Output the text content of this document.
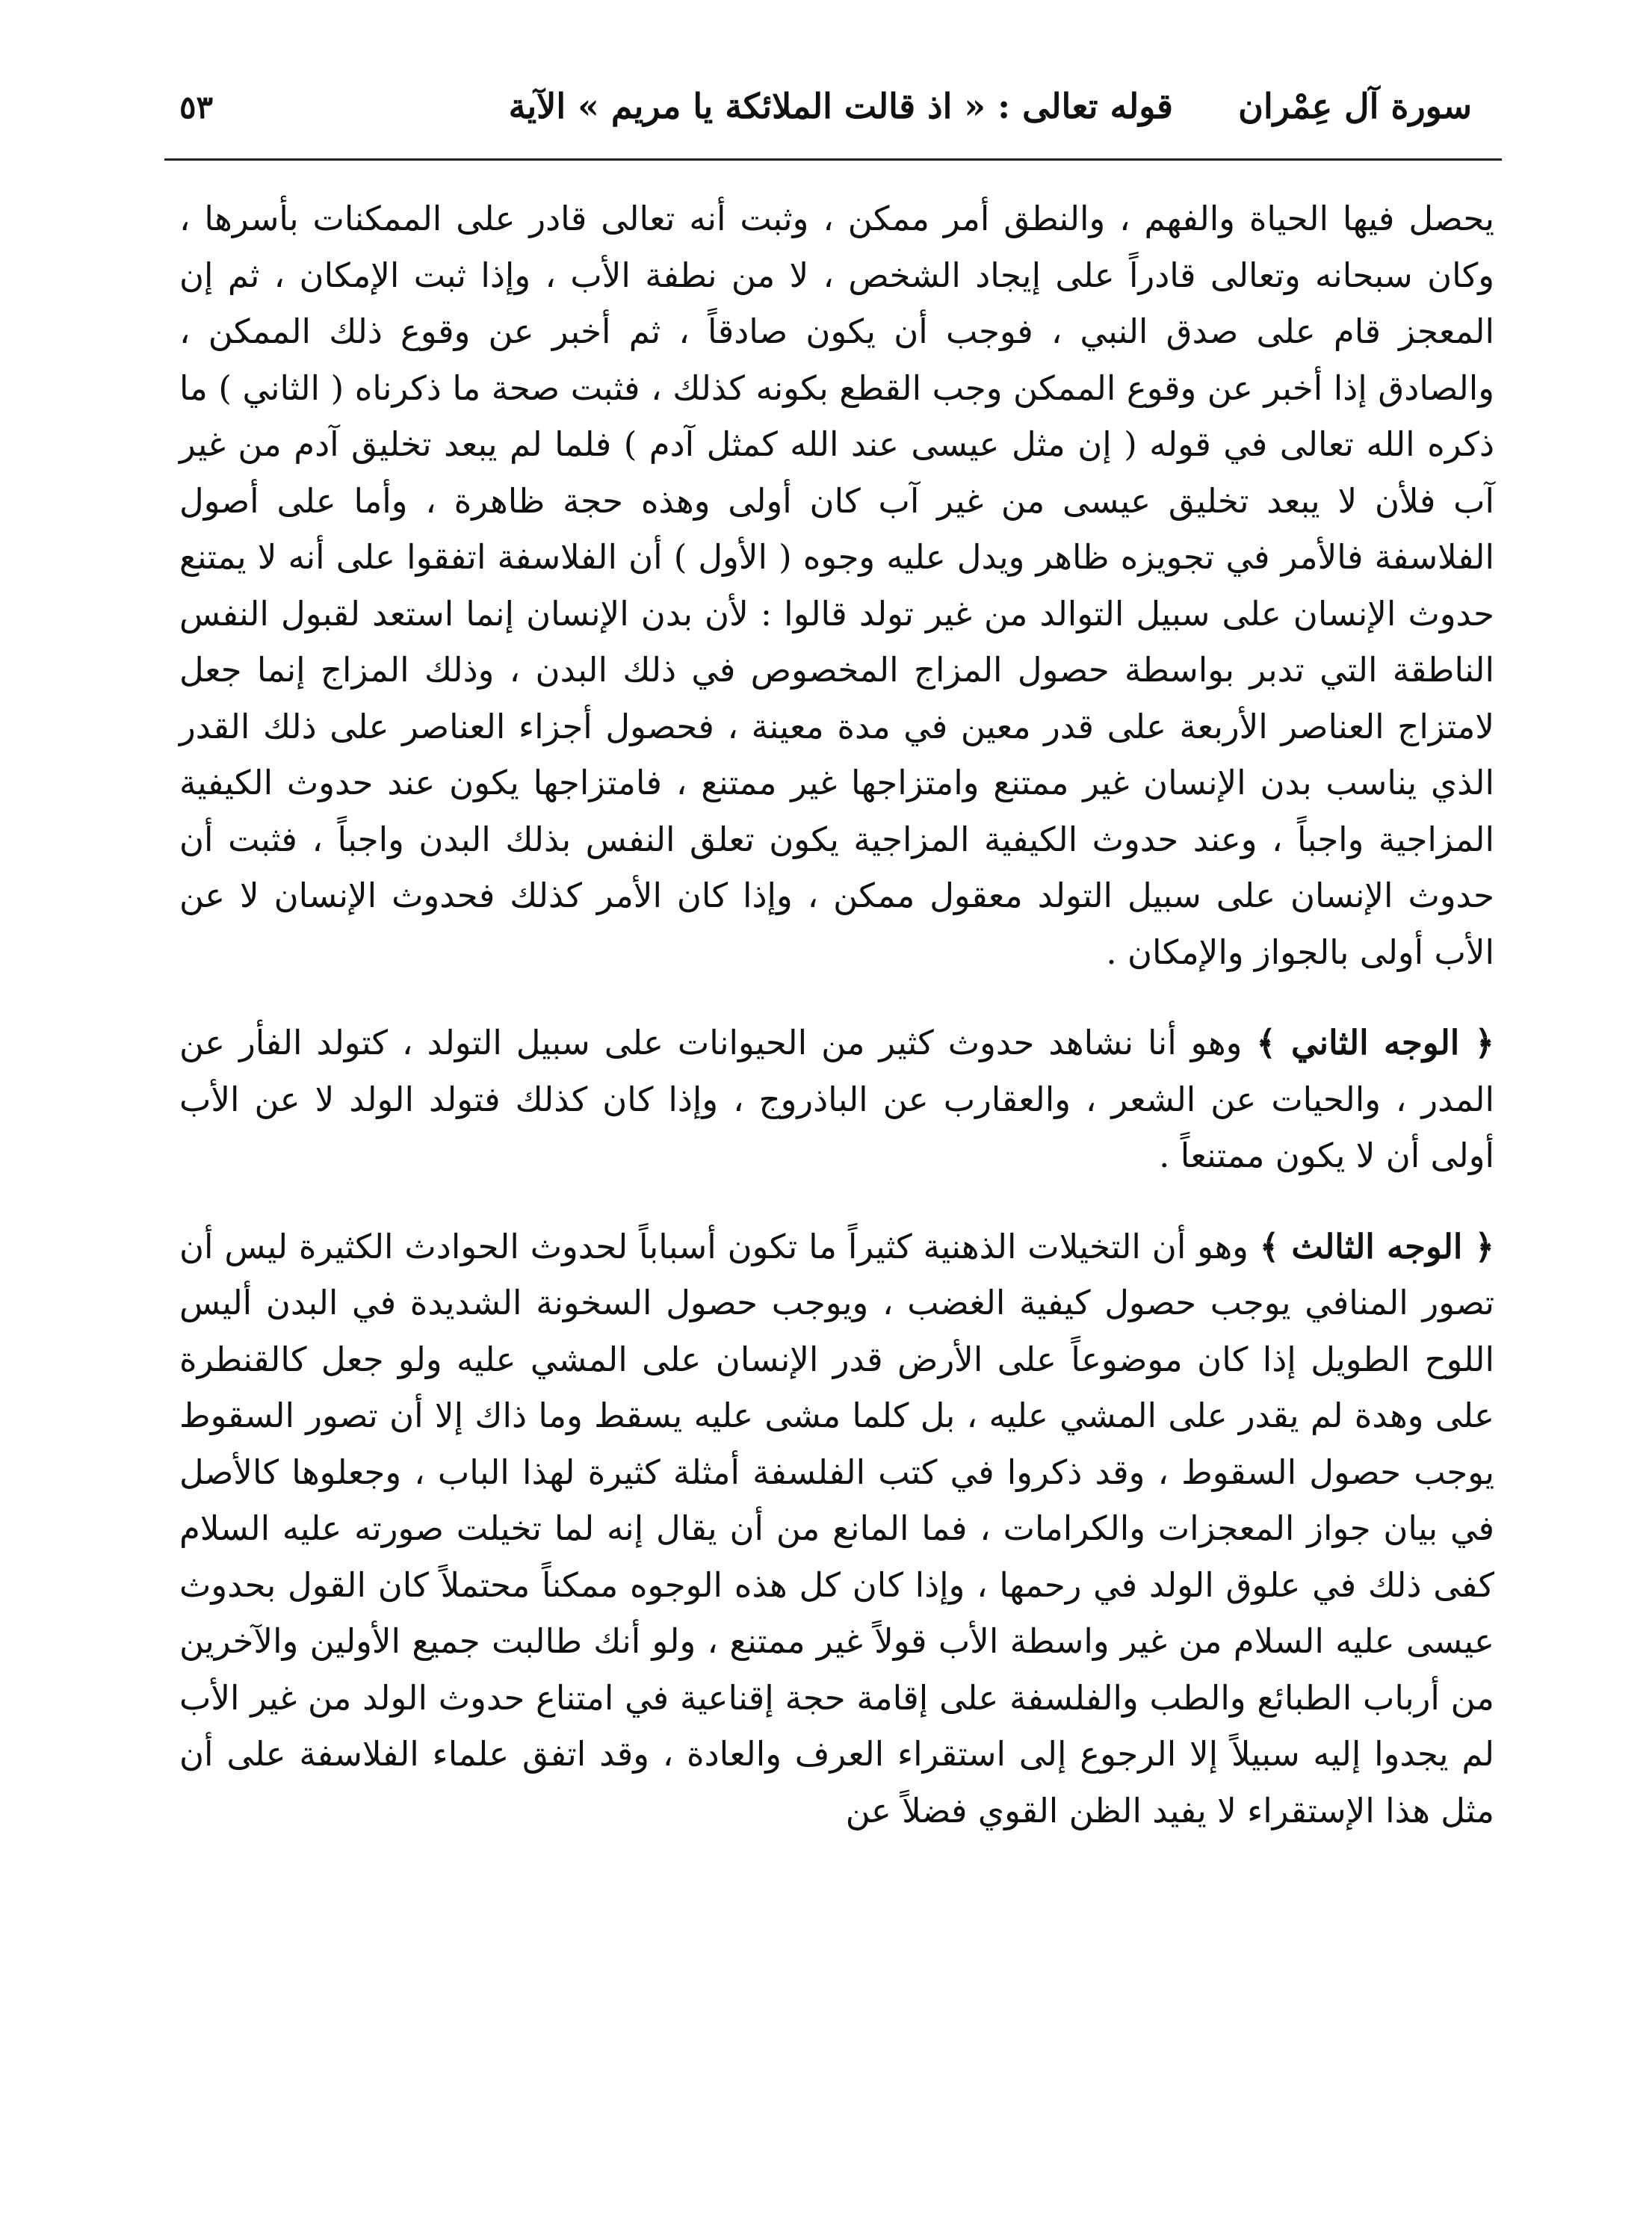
٥٣	قوله تعالى : « اذ قالت الملائكة يا مريم » الآية سورة آل عِمْران

يحصل فيها الحياة والفهم ، والنطق أمر ممكن ، وثبت أنه تعالى قادر على الممكنات بأسرها ، وكان سبحانه وتعالى قادراً على إيجاد الشخص ، لا من نطفة الأب ، وإذا ثبت الإمكان ، ثم إن المعجز قام على صدق النبي ، فوجب أن يكون صادقاً ، ثم أخبر عن وقوع ذلك الممكن ، والصادق إذا أخبر عن وقوع الممكن وجب القطع بكونه كذلك ، فثبت صحة ما ذكرناه ( الثاني ) ما ذكره الله تعالى في قوله ( إن مثل عيسى عند الله كمثل آدم ) فلما لم يبعد تخليق آدم من غير آب فلأن لا يبعد تخليق عيسى من غير آب كان أولى وهذه حجة ظاهرة ، وأما على أصول الفلاسفة فالأمر في تجويزه ظاهر ويدل عليه وجوه ( الأول ) أن الفلاسفة اتفقوا على أنه لا يمتنع حدوث الإنسان على سبيل التوالد من غير تولد قالوا : لأن بدن الإنسان إنما استعد لقبول النفس الناطقة التي تدبر بواسطة حصول المزاج المخصوص في ذلك البدن ، وذلك المزاج إنما جعل لامتزاج العناصر الأربعة على قدر معين في مدة معينة ، فحصول أجزاء العناصر على ذلك القدر الذي يناسب بدن الإنسان غير ممتنع وامتزاجها غير ممتنع ، فامتزاجها يكون عند حدوث الكيفية المزاجية واجباً ، وعند حدوث الكيفية المزاجية يكون تعلق النفس بذلك البدن واجباً ، فثبت أن حدوث الإنسان على سبيل التولد معقول ممكن ، وإذا كان الأمر كذلك فحدوث الإنسان لا عن الأب أولى بالجواز والإمكان .

﴿ الوجه الثاني ﴾ وهو أنا نشاهد حدوث كثير من الحيوانات على سبيل التولد ، كتولد الفأر عن المدر ، والحيات عن الشعر ، والعقارب عن الباذروج ، وإذا كان كذلك فتولد الولد لا عن الأب أولى أن لا يكون ممتنعاً .

﴿ الوجه الثالث ﴾ وهو أن التخيلات الذهنية كثيراً ما تكون أسباباً لحدوث الحوادث الكثيرة ليس أن تصور المنافي يوجب حصول كيفية الغضب ، ويوجب حصول السخونة الشديدة في البدن أليس اللوح الطويل إذا كان موضوعاً على الأرض قدر الإنسان على المشي عليه ولو جعل كالقنطرة على وهدة لم يقدر على المشي عليه ، بل كلما مشى عليه يسقط وما ذاك إلا أن تصور السقوط يوجب حصول السقوط ، وقد ذكروا في كتب الفلسفة أمثلة كثيرة لهذا الباب ، وجعلوها كالأصل في بيان جواز المعجزات والكرامات ، فما المانع من أن يقال إنه لما تخيلت صورته عليه السلام كفى ذلك في علوق الولد في رحمها ، وإذا كان كل هذه الوجوه ممكناً محتملاً كان القول بحدوث عيسى عليه السلام من غير واسطة الأب قولاً غير ممتنع ، ولو أنك طالبت جميع الأولين والآخرين من أرباب الطبائع والطب والفلسفة على إقامة حجة إقناعية في امتناع حدوث الولد من غير الأب لم يجدوا إليه سبيلاً إلا الرجوع إلى استقراء العرف والعادة ، وقد اتفق علماء الفلاسفة على أن مثل هذا الإستقراء لا يفيد الظن القوي فضلاً عن
